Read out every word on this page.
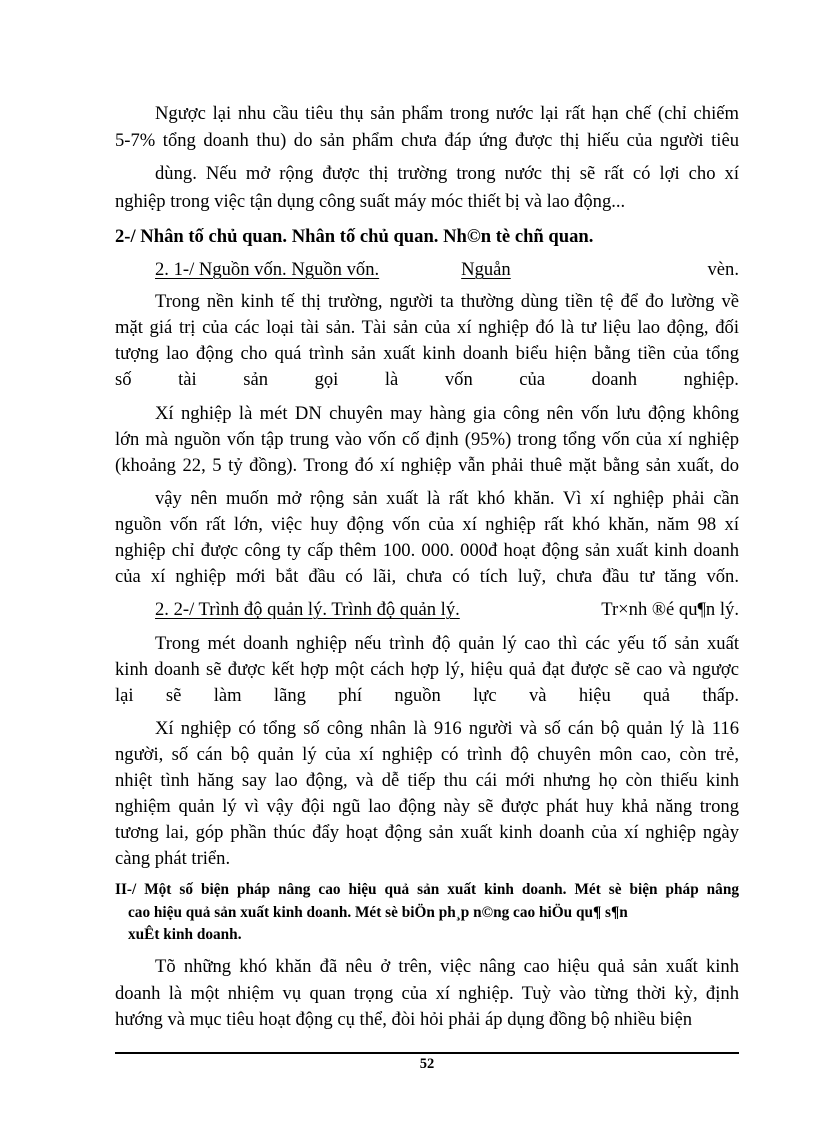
Ngược lại nhu cầu tiêu thụ sản phẩm trong nước lại rất hạn chế (chỉ chiếm
5-7% tổng doanh thu) do sản phẩm chưa đáp ứng được thị hiếu của người tiêu
dùng. Nếu mở rộng được thị trường trong nước thị sẽ rất có lợi cho xí
nghiệp trong việc tận dụng công suất máy móc thiết bị và lao động...
2-/ Nhân tố chủ quan. Nhân tố chủ quan. Nh©n tè chñ quan.
2. 1-/ Nguồn vốn. Nguồn vốn.	Nguån	vèn.
Trong nền kinh tế thị trường, người ta thường dùng tiền tệ để đo lường về
mặt giá trị của các loại tài sản. Tài sản của xí nghiệp đó là tư liệu lao động, đối
tượng lao động cho quá trình sản xuất kinh doanh biểu hiện bằng tiền của tổng
số	tài	sản	gọi	là	vốn	của	doanh	nghiệp.
Xí nghiệp là mét DN chuyên may hàng gia công nên vốn lưu động không
lớn mà nguồn vốn tập trung vào vốn cố định (95%) trong tổng vốn của xí nghiệp
(khoảng 22, 5 tỷ đồng). Trong đó xí nghiệp vẫn phải thuê mặt bằng sản xuất, do
vậy nên muốn mở rộng sản xuất là rất khó khăn. Vì xí nghiệp phải cần
nguồn vốn rất lớn, việc huy động vốn của xí nghiệp rất khó khăn, năm 98 xí
nghiệp chỉ được công ty cấp thêm 100. 000. 000đ hoạt động sản xuất kinh doanh
của xí nghiệp mới bắt đầu có lãi, chưa có tích luỹ, chưa đầu tư tăng vốn.
2. 2-/ Trình độ quản lý. Trình độ quản lý.	Tr×nh ®é qu¶n lý.
Trong mét doanh nghiệp nếu trình độ quản lý cao thì các yếu tố sản xuất
kinh doanh sẽ được kết hợp một cách hợp lý, hiệu quả đạt được sẽ cao và ngược
lại sẽ làm lãng phí nguồn lực và hiệu quả thấp.
Xí nghiệp có tổng số công nhân là 916 người và số cán bộ quản lý là 116
người, số cán bộ quản lý của xí nghiệp có trình độ chuyên môn cao, còn trẻ,
nhiệt tình hăng say lao động, và dễ tiếp thu cái mới nhưng họ còn thiếu kinh
nghiệm quản lý vì vậy đội ngũ lao động này sẽ được phát huy khả năng trong
tương lai, góp phần thúc đẩy hoạt động sản xuất kinh doanh của xí nghiệp ngày
càng phát triển.
II-/ Một số biện pháp nâng cao hiệu quả sản xuất kinh doanh. Mét sè biện pháp nâng
cao hiệu quả sản xuất kinh doanh. Mét sè biÖn ph¸p n©ng cao hiÖu qu¶ s¶n
xuÊt kinh doanh.
Tõ những khó khăn đã nêu ở trên, việc nâng cao hiệu quả sản xuất kinh
doanh là một nhiệm vụ quan trọng của xí nghiệp. Tuỳ vào từng thời kỳ, định
hướng và mục tiêu hoạt động cụ thể, đòi hỏi phải áp dụng đồng bộ nhiều biện
52
